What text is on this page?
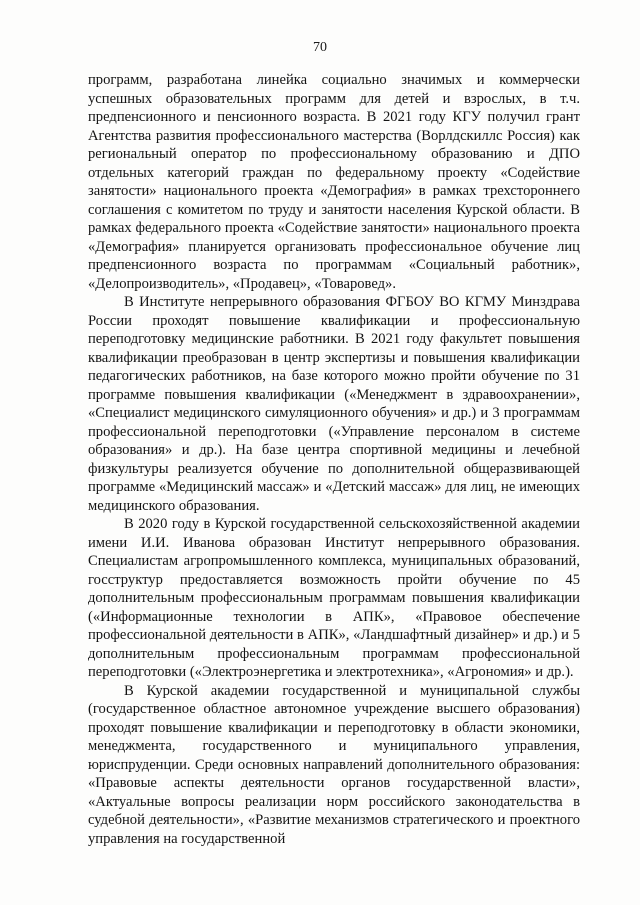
70

программ, разработана линейка социально значимых и коммерчески успешных образовательных программ для детей и взрослых, в т.ч. предпенсионного и пенсионного возраста. В 2021 году КГУ получил грант Агентства развития профессионального мастерства (Ворлдскиллс Россия) как региональный оператор по профессиональному образованию и ДПО отдельных категорий граждан по федеральному проекту «Содействие занятости» национального проекта «Демография» в рамках трехстороннего соглашения с комитетом по труду и занятости населения Курской области. В рамках федерального проекта «Содействие занятости» национального проекта «Демография» планируется организовать профессиональное обучение лиц предпенсионного возраста по программам «Социальный работник», «Делопроизводитель», «Продавец», «Товаровед».

В Институте непрерывного образования ФГБОУ ВО КГМУ Минздрава России проходят повышение квалификации и профессиональную переподготовку медицинские работники. В 2021 году факультет повышения квалификации преобразован в центр экспертизы и повышения квалификации педагогических работников, на базе которого можно пройти обучение по 31 программе повышения квалификации («Менеджмент в здравоохранении», «Специалист медицинского симуляционного обучения» и др.) и 3 программам профессиональной переподготовки («Управление персоналом в системе образования» и др.). На базе центра спортивной медицины и лечебной физкультуры реализуется обучение по дополнительной общеразвивающей программе «Медицинский массаж» и «Детский массаж» для лиц, не имеющих медицинского образования.

В 2020 году в Курской государственной сельскохозяйственной академии имени И.И. Иванова образован Институт непрерывного образования. Специалистам агропромышленного комплекса, муниципальных образований, госструктур предоставляется возможность пройти обучение по 45 дополнительным профессиональным программам повышения квалификации («Информационные технологии в АПК», «Правовое обеспечение профессиональной деятельности в АПК», «Ландшафтный дизайнер» и др.) и 5 дополнительным профессиональным программам профессиональной переподготовки («Электроэнергетика и электротехника», «Агрономия» и др.).

В Курской академии государственной и муниципальной службы (государственное областное автономное учреждение высшего образования) проходят повышение квалификации и переподготовку в области экономики, менеджмента, государственного и муниципального управления, юриспруденции. Среди основных направлений дополнительного образования: «Правовые аспекты деятельности органов государственной власти», «Актуальные вопросы реализации норм российского законодательства в судебной деятельности», «Развитие механизмов стратегического и проектного управления на государственной
